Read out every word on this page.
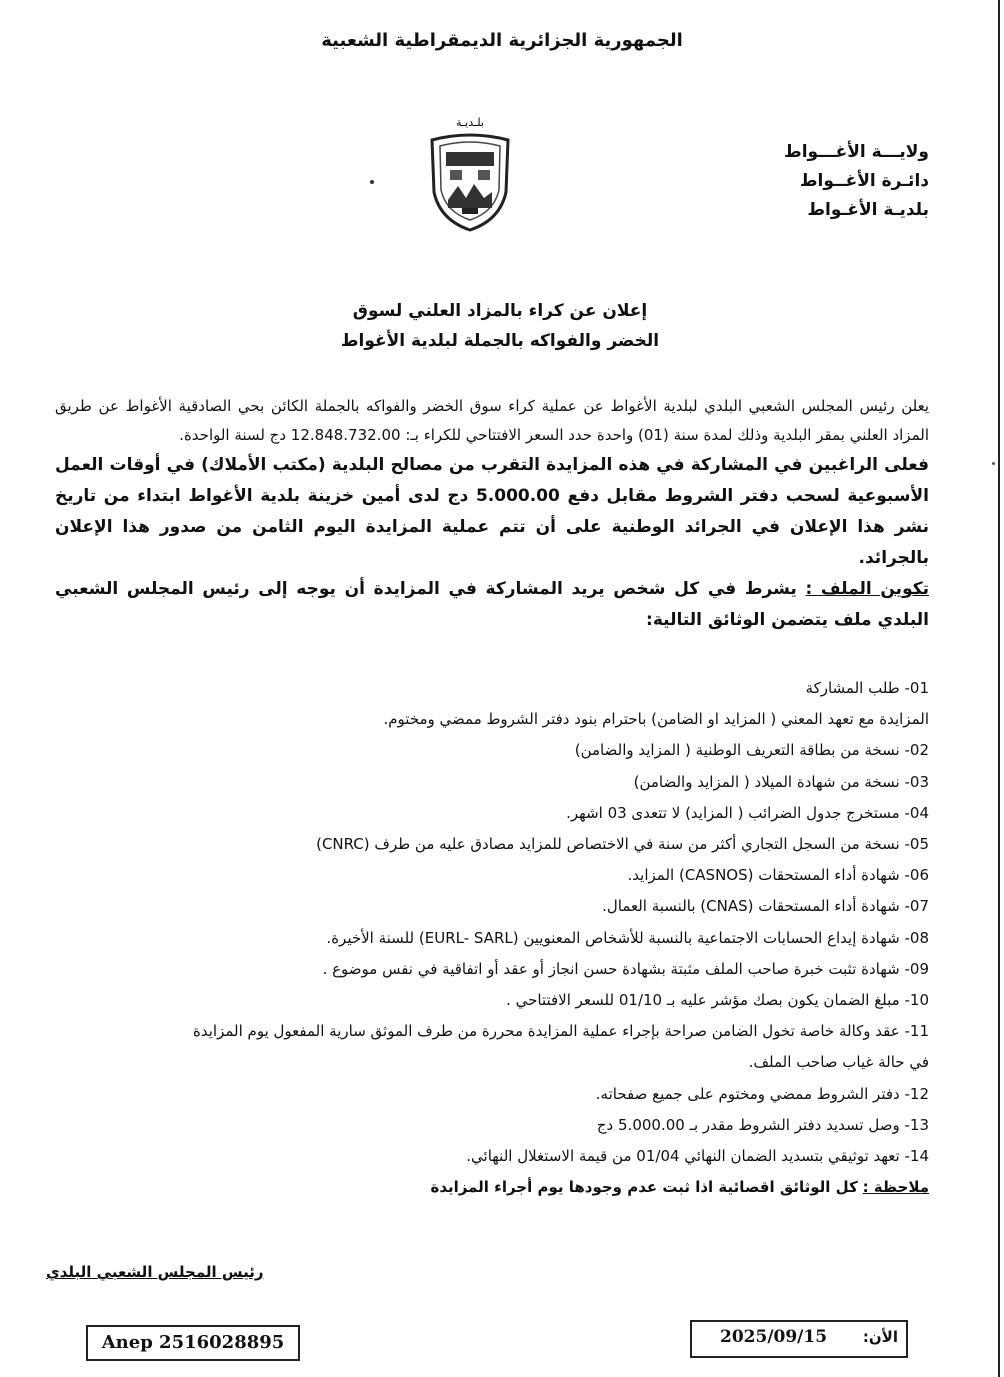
الجمهورية الجزائرية الديمقراطية الشعبية
ولايـــة الأغـــواط
دائـرة الأغــواط
بلديـة الأغـواط
بلـديـة
إعلان عن كراء بالمزاد العلني لسوق
الخضر والفواكه بالجملة لبلدية الأغواط

يعلن رئيس المجلس الشعبي البلدي لبلدية الأغواط عن عملية كراء سوق الخضر والفواكه بالجملة الكائن بحي الصادقية الأغواط عن طريق المزاد العلني بمقر البلدية وذلك لمدة سنة (01) واحدة حدد السعر الافتتاحي للكراء بـ: 12.848.732.00 دج لسنة الواحدة.

فعلى الراغبين في المشاركة في هذه المزايدة التقرب من مصالح البلدية (مكتب الأملاك) في أوقات العمل الأسبوعية لسحب دفتر الشروط مقابل دفع 5.000.00 دج لدى أمين خزينة بلدية الأغواط ابتداء من تاريخ نشر هذا الإعلان في الجرائد الوطنية على أن تتم عملية المزايدة اليوم الثامن من صدور هذا الإعلان بالجرائد.

تكوين الملف : يشرط في كل شخص يريد المشاركة في المزايدة أن يوجه إلى رئيس المجلس الشعبي البلدي ملف يتضمن الوثائق التالية:

01- طلب المشاركة
المزايدة مع تعهد المعني ( المزايد او الضامن) باحترام بنود دفتر الشروط ممضي ومختوم.
02- نسخة من بطاقة التعريف الوطنية ( المزايد والضامن)
03- نسخة من شهادة الميلاد ( المزايد والضامن)
04- مستخرج جدول الضرائب ( المزايد) لا تتعدى 03 اشهر.
05- نسخة من السجل التجاري أكثر من سنة في الاختصاص للمزايد مصادق عليه من طرف (CNRC)
06- شهادة أداء المستحقات (CASNOS) المزايد.
07- شهادة أداء المستحقات (CNAS) بالنسبة العمال.
08- شهادة إيداع الحسابات الاجتماعية بالنسبة للأشخاص المعنويين (EURL- SARL) للسنة الأخيرة.
09- شهادة تثبت خبرة صاحب الملف مثبتة بشهادة حسن انجاز أو عقد أو اتفاقية في نفس موضوع .
10- مبلغ الضمان يكون بصك مؤشر عليه بـ 01/10 للسعر الافتتاحي .
11- عقد وكالة خاصة تخول الضامن صراحة بإجراء عملية المزايدة محررة من طرف الموثق سارية المفعول يوم المزايدة
في حالة غياب صاحب الملف.
12- دفتر الشروط ممضي ومختوم على جميع صفحاته.
13- وصل تسديد دفتر الشروط مقدر بـ 5.000.00 دج
14- تعهد توثيقي بتسديد الضمان النهائي 01/04 من قيمة الاستغلال النهائي.
ملاحظة : كل الوثائق اقصائية اذا ثبت عدم وجودها يوم أجراء المزايدة
رئيس المجلس الشعبي البلدي
Anep 2516028895	الأن:
2025/09/15
